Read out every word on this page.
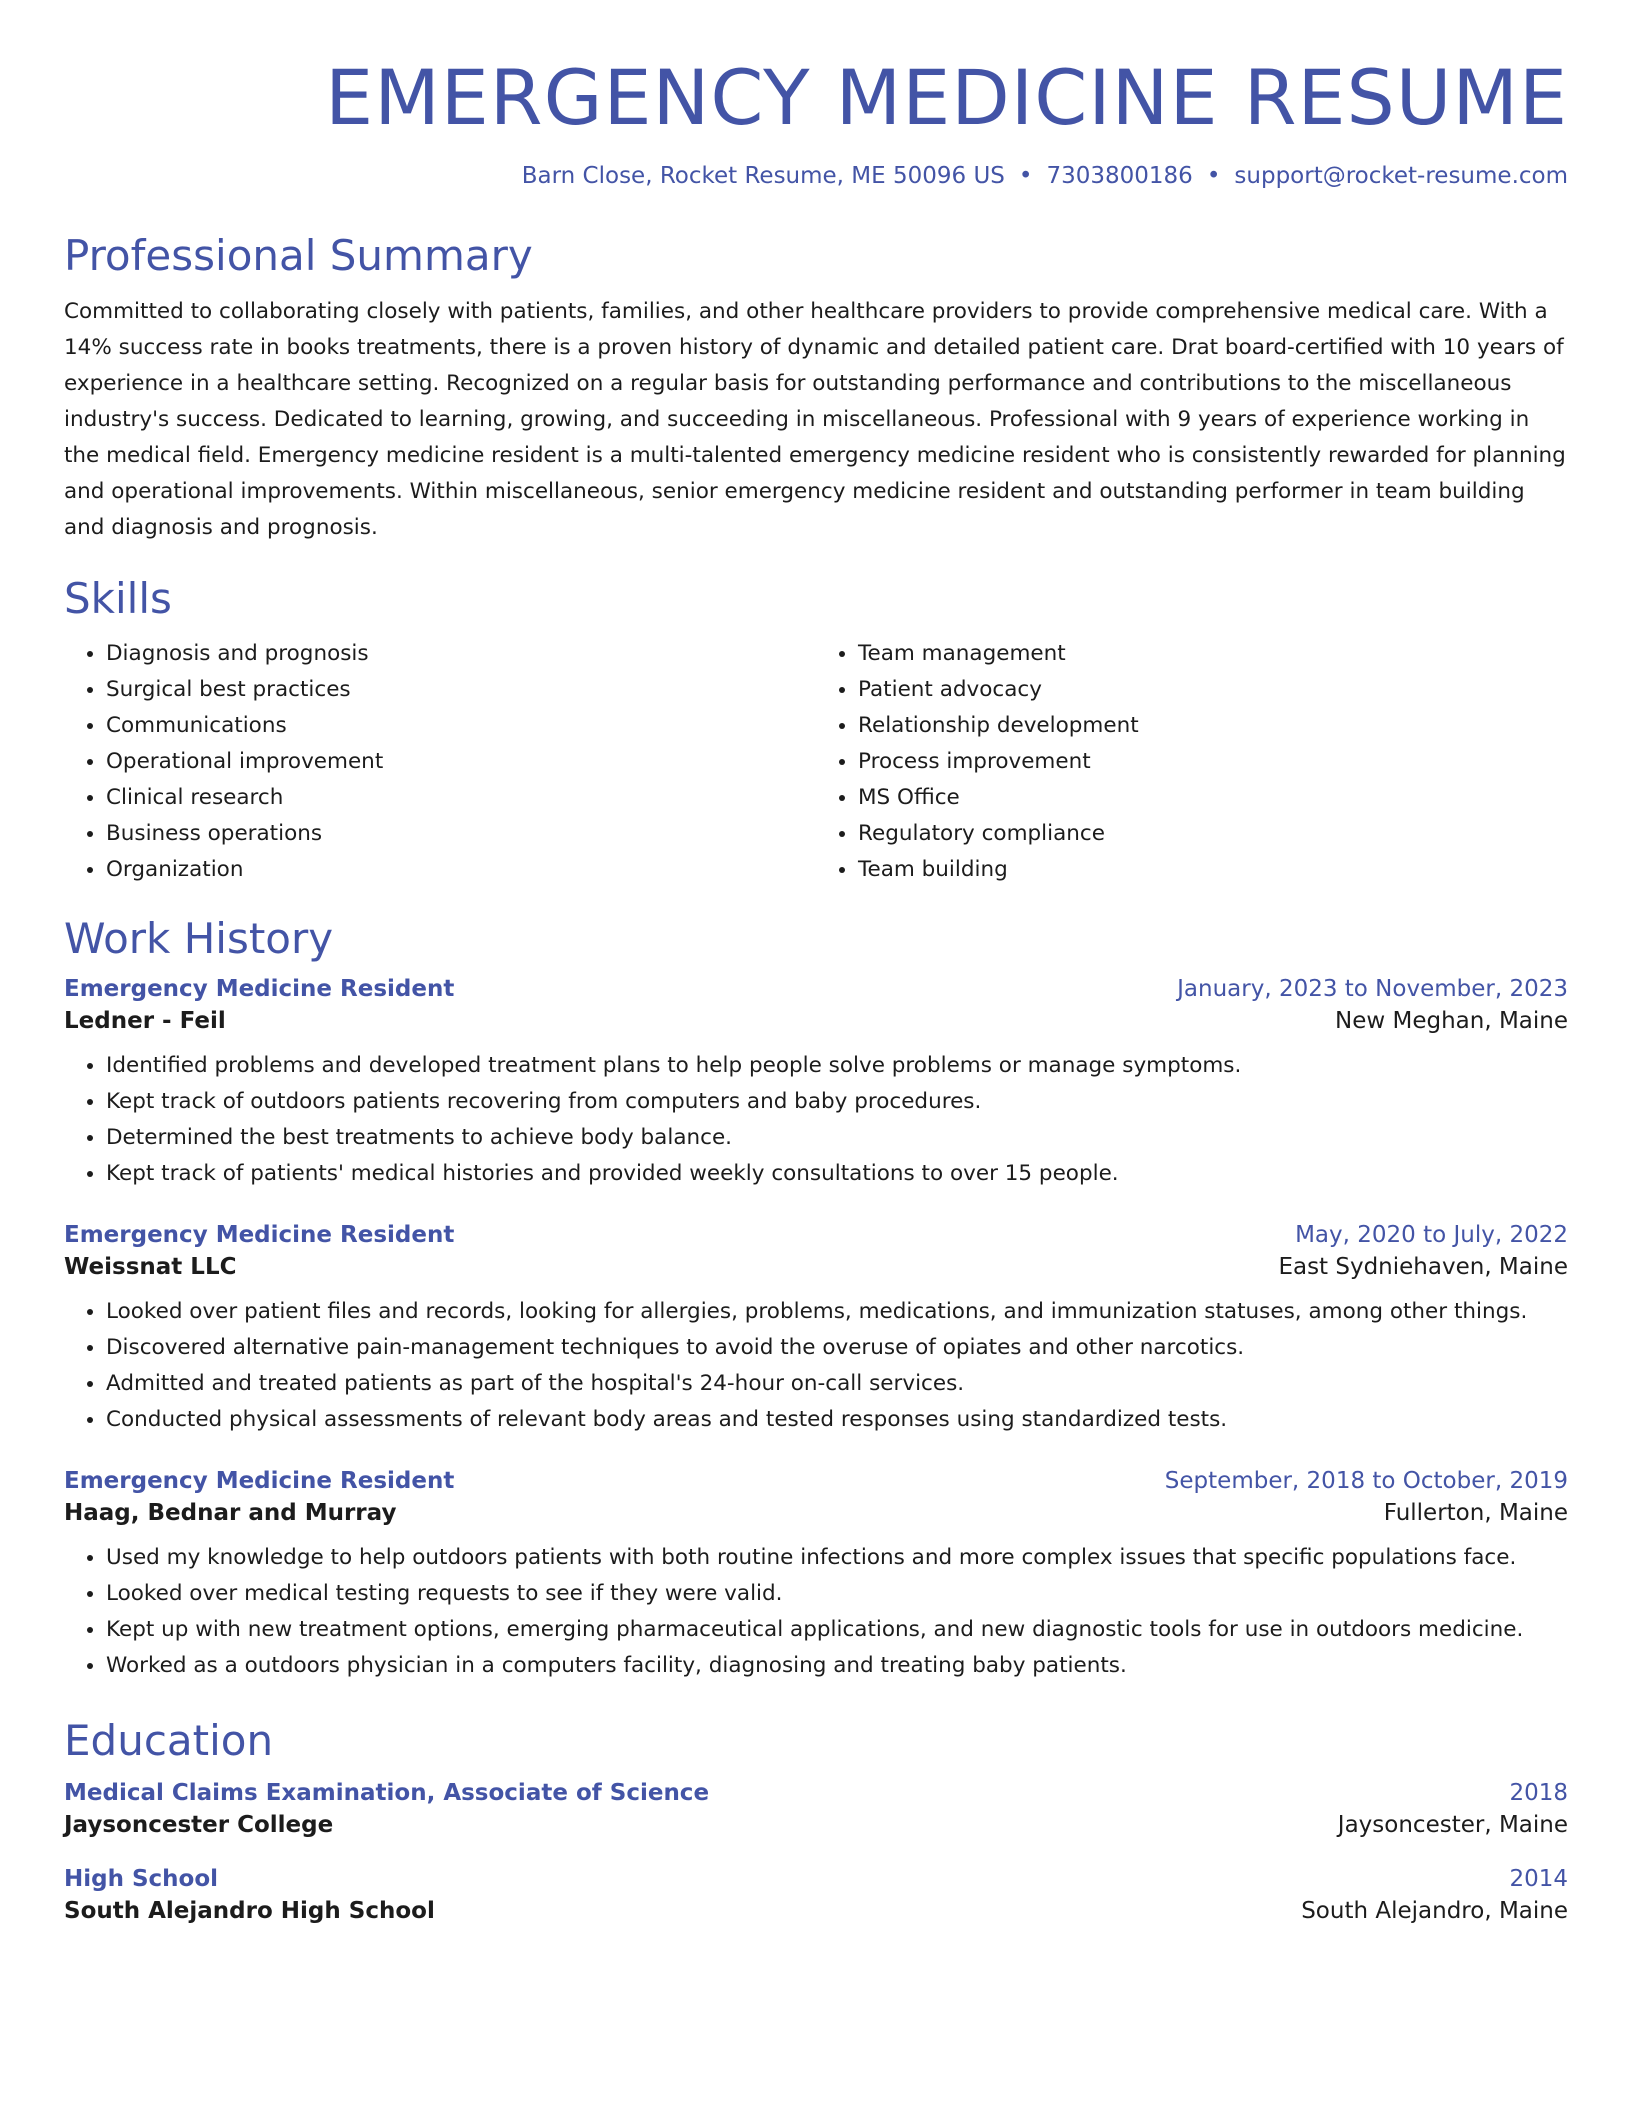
EMERGENCY MEDICINE RESUME
Barn Close, Rocket Resume, ME 50096 US • 7303800186 • support@rocket-resume.com
Professional Summary
Committed to collaborating closely with patients, families, and other healthcare providers to provide comprehensive medical care. With a 14% success rate in books treatments, there is a proven history of dynamic and detailed patient care. Drat board-certified with 10 years of experience in a healthcare setting. Recognized on a regular basis for outstanding performance and contributions to the miscellaneous industry's success. Dedicated to learning, growing, and succeeding in miscellaneous. Professional with 9 years of experience working in the medical field. Emergency medicine resident is a multi-talented emergency medicine resident who is consistently rewarded for planning and operational improvements. Within miscellaneous, senior emergency medicine resident and outstanding performer in team building and diagnosis and prognosis.
Skills
• Diagnosis and prognosis
• Surgical best practices
• Communications
• Operational improvement
• Clinical research
• Business operations
• Organization
• Team management
• Patient advocacy
• Relationship development
• Process improvement
• MS Office
• Regulatory compliance
• Team building
Work History
Emergency Medicine Resident	January, 2023 to November, 2023
Ledner - Feil	New Meghan, Maine
• Identified problems and developed treatment plans to help people solve problems or manage symptoms.
• Kept track of outdoors patients recovering from computers and baby procedures.
• Determined the best treatments to achieve body balance.
• Kept track of patients' medical histories and provided weekly consultations to over 15 people.
Emergency Medicine Resident	May, 2020 to July, 2022
Weissnat LLC	East Sydniehaven, Maine
• Looked over patient files and records, looking for allergies, problems, medications, and immunization statuses, among other things.
• Discovered alternative pain-management techniques to avoid the overuse of opiates and other narcotics.
• Admitted and treated patients as part of the hospital's 24-hour on-call services.
• Conducted physical assessments of relevant body areas and tested responses using standardized tests.
Emergency Medicine Resident	September, 2018 to October, 2019
Haag, Bednar and Murray	Fullerton, Maine
• Used my knowledge to help outdoors patients with both routine infections and more complex issues that specific populations face.
• Looked over medical testing requests to see if they were valid.
• Kept up with new treatment options, emerging pharmaceutical applications, and new diagnostic tools for use in outdoors medicine.
• Worked as a outdoors physician in a computers facility, diagnosing and treating baby patients.
Education
Medical Claims Examination, Associate of Science	2018
Jaysoncester College	Jaysoncester, Maine
High School	2014
South Alejandro High School	South Alejandro, Maine
